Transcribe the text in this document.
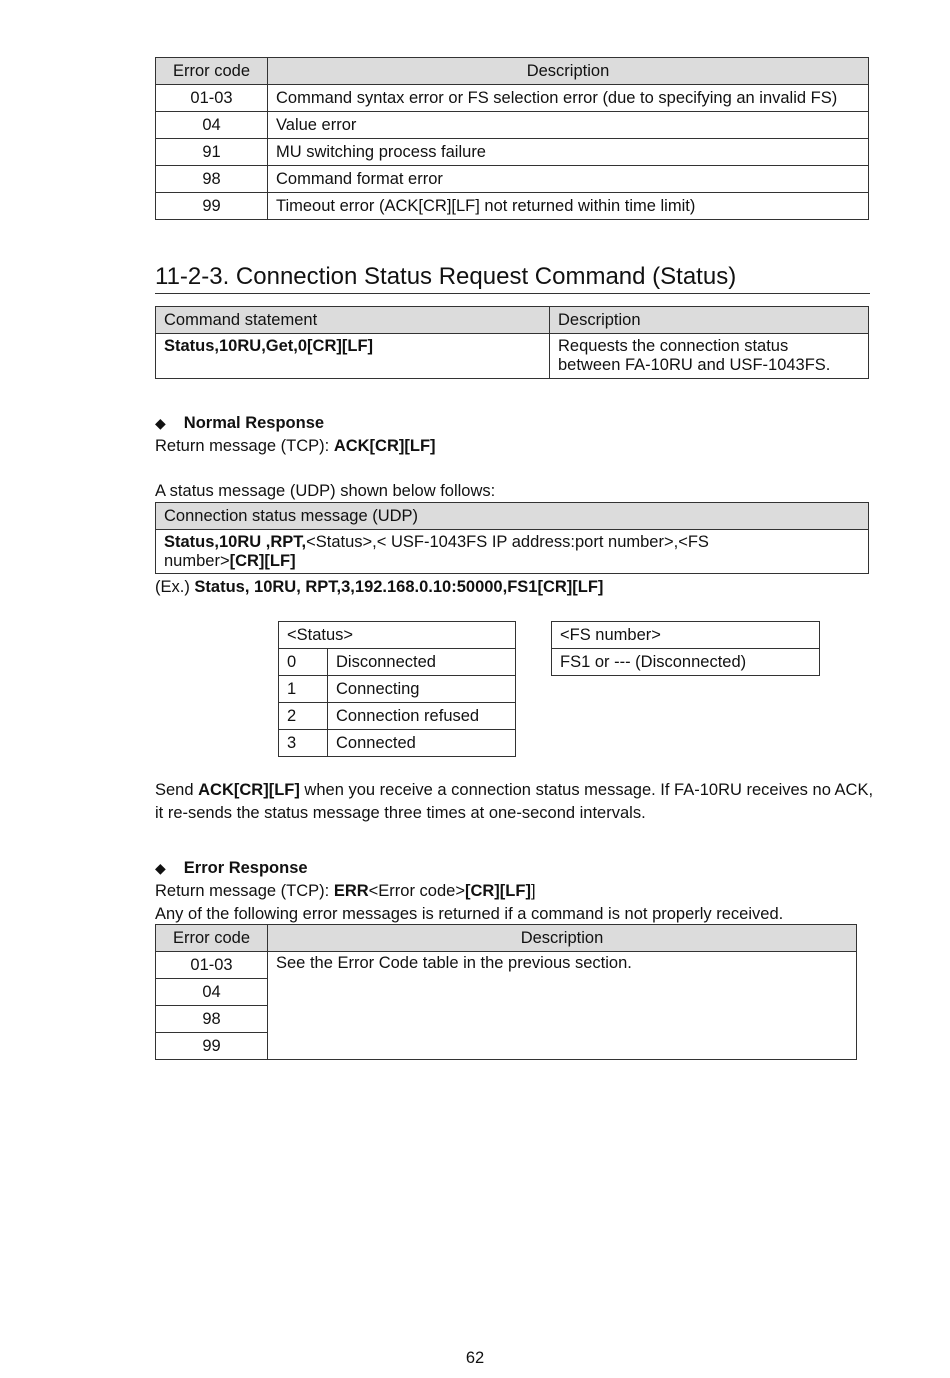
Error code	Description
01-03	Command syntax error or FS selection error (due to specifying an invalid FS)
04	Value error
91	MU switching process failure
98	Command format error
99	Timeout error (ACK[CR][LF] not returned within time limit)
11-2-3. Connection Status Request Command (Status)
Command statement	Description
Status,10RU,Get,0[CR][LF]	Requests the connection status
between FA-10RU and USF-1043FS.
◆ Normal Response
Return message (TCP): ACK[CR][LF]
A status message (UDP) shown below follows:
Connection status message (UDP)
Status,10RU ,RPT,<Status>,< USF-1043FS IP address:port number>,<FS
number>[CR][LF]
(Ex.) Status, 10RU, RPT,3,192.168.0.10:50000,FS1[CR][LF]
<Status>	
0	Disconnected
1	Connecting
2	Connection refused
3	Connected
<FS number>
FS1 or --- (Disconnected)
Send ACK[CR][LF] when you receive a connection status message. If FA-10RU receives no ACK, it re-sends the status message three times at one-second intervals.
◆ Error Response
Return message (TCP): ERR<Error code>[CR][LF]]
Any of the following error messages is returned if a command is not properly received.
Error code	Description
01-03	See the Error Code table in the previous section.
04	
98	
99	
62
